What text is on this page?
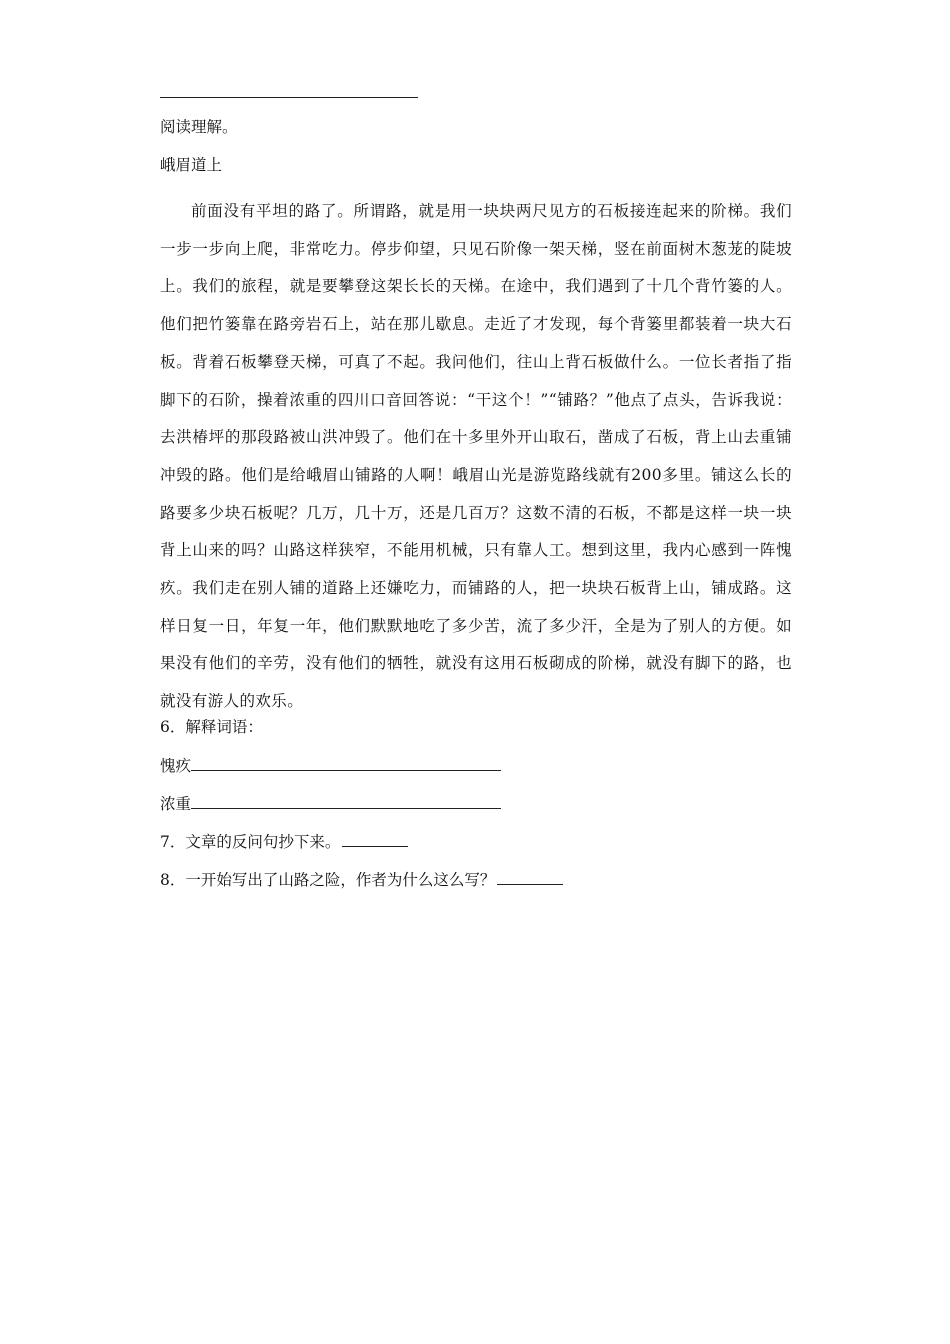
阅读理解。
峨眉道上
前面没有平坦的路了。所谓路，就是用一块块两尺见方的石板接连起来的阶梯。我们一步一步向上爬，非常吃力。停步仰望，只见石阶像一架天梯，竖在前面树木葱茏的陡坡上。我们的旅程，就是要攀登这架长长的天梯。在途中，我们遇到了十几个背竹篓的人。他们把竹篓靠在路旁岩石上，站在那儿歇息。走近了才发现，每个背篓里都装着一块大石板。背着石板攀登天梯，可真了不起。我问他们，往山上背石板做什么。一位长者指了指脚下的石阶，操着浓重的四川口音回答说：“干这个！”“铺路？”他点了点头，告诉我说：去洪椿坪的那段路被山洪冲毁了。他们在十多里外开山取石，凿成了石板，背上山去重铺冲毁的路。他们是给峨眉山铺路的人啊！峨眉山光是游览路线就有200多里。铺这么长的路要多少块石板呢？几万，几十万，还是几百万？这数不清的石板，不都是这样一块一块背上山来的吗？山路这样狭窄，不能用机械，只有靠人工。想到这里，我内心感到一阵愧疚。我们走在别人铺的道路上还嫌吃力，而铺路的人，把一块块石板背上山，铺成路。这样日复一日，年复一年，他们默默地吃了多少苦，流了多少汗，全是为了别人的方便。如果没有他们的辛劳，没有他们的牺牲，就没有这用石板砌成的阶梯，就没有脚下的路，也就没有游人的欢乐。
6．解释词语：
愧疚
浓重
7．文章的反问句抄下来。
8．一开始写出了山路之险，作者为什么这么写？
